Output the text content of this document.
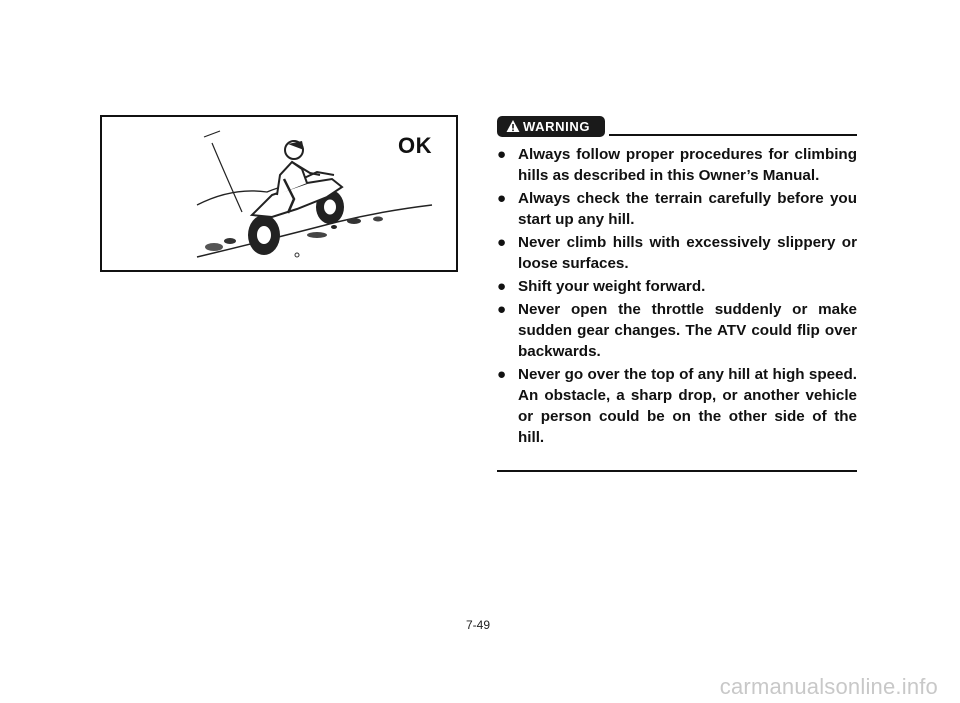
OK
WARNING
● Always follow proper procedures for climbing hills as described in this Owner’s Manual.
● Always check the terrain carefully before you start up any hill.
● Never climb hills with excessively slippery or loose surfaces.
● Shift your weight forward.
● Never open the throttle suddenly or make sudden gear changes. The ATV could flip over backwards.
● Never go over the top of any hill at high speed. An obstacle, a sharp drop, or another vehicle or person could be on the other side of the hill.
7-49
carmanualsonline.info
